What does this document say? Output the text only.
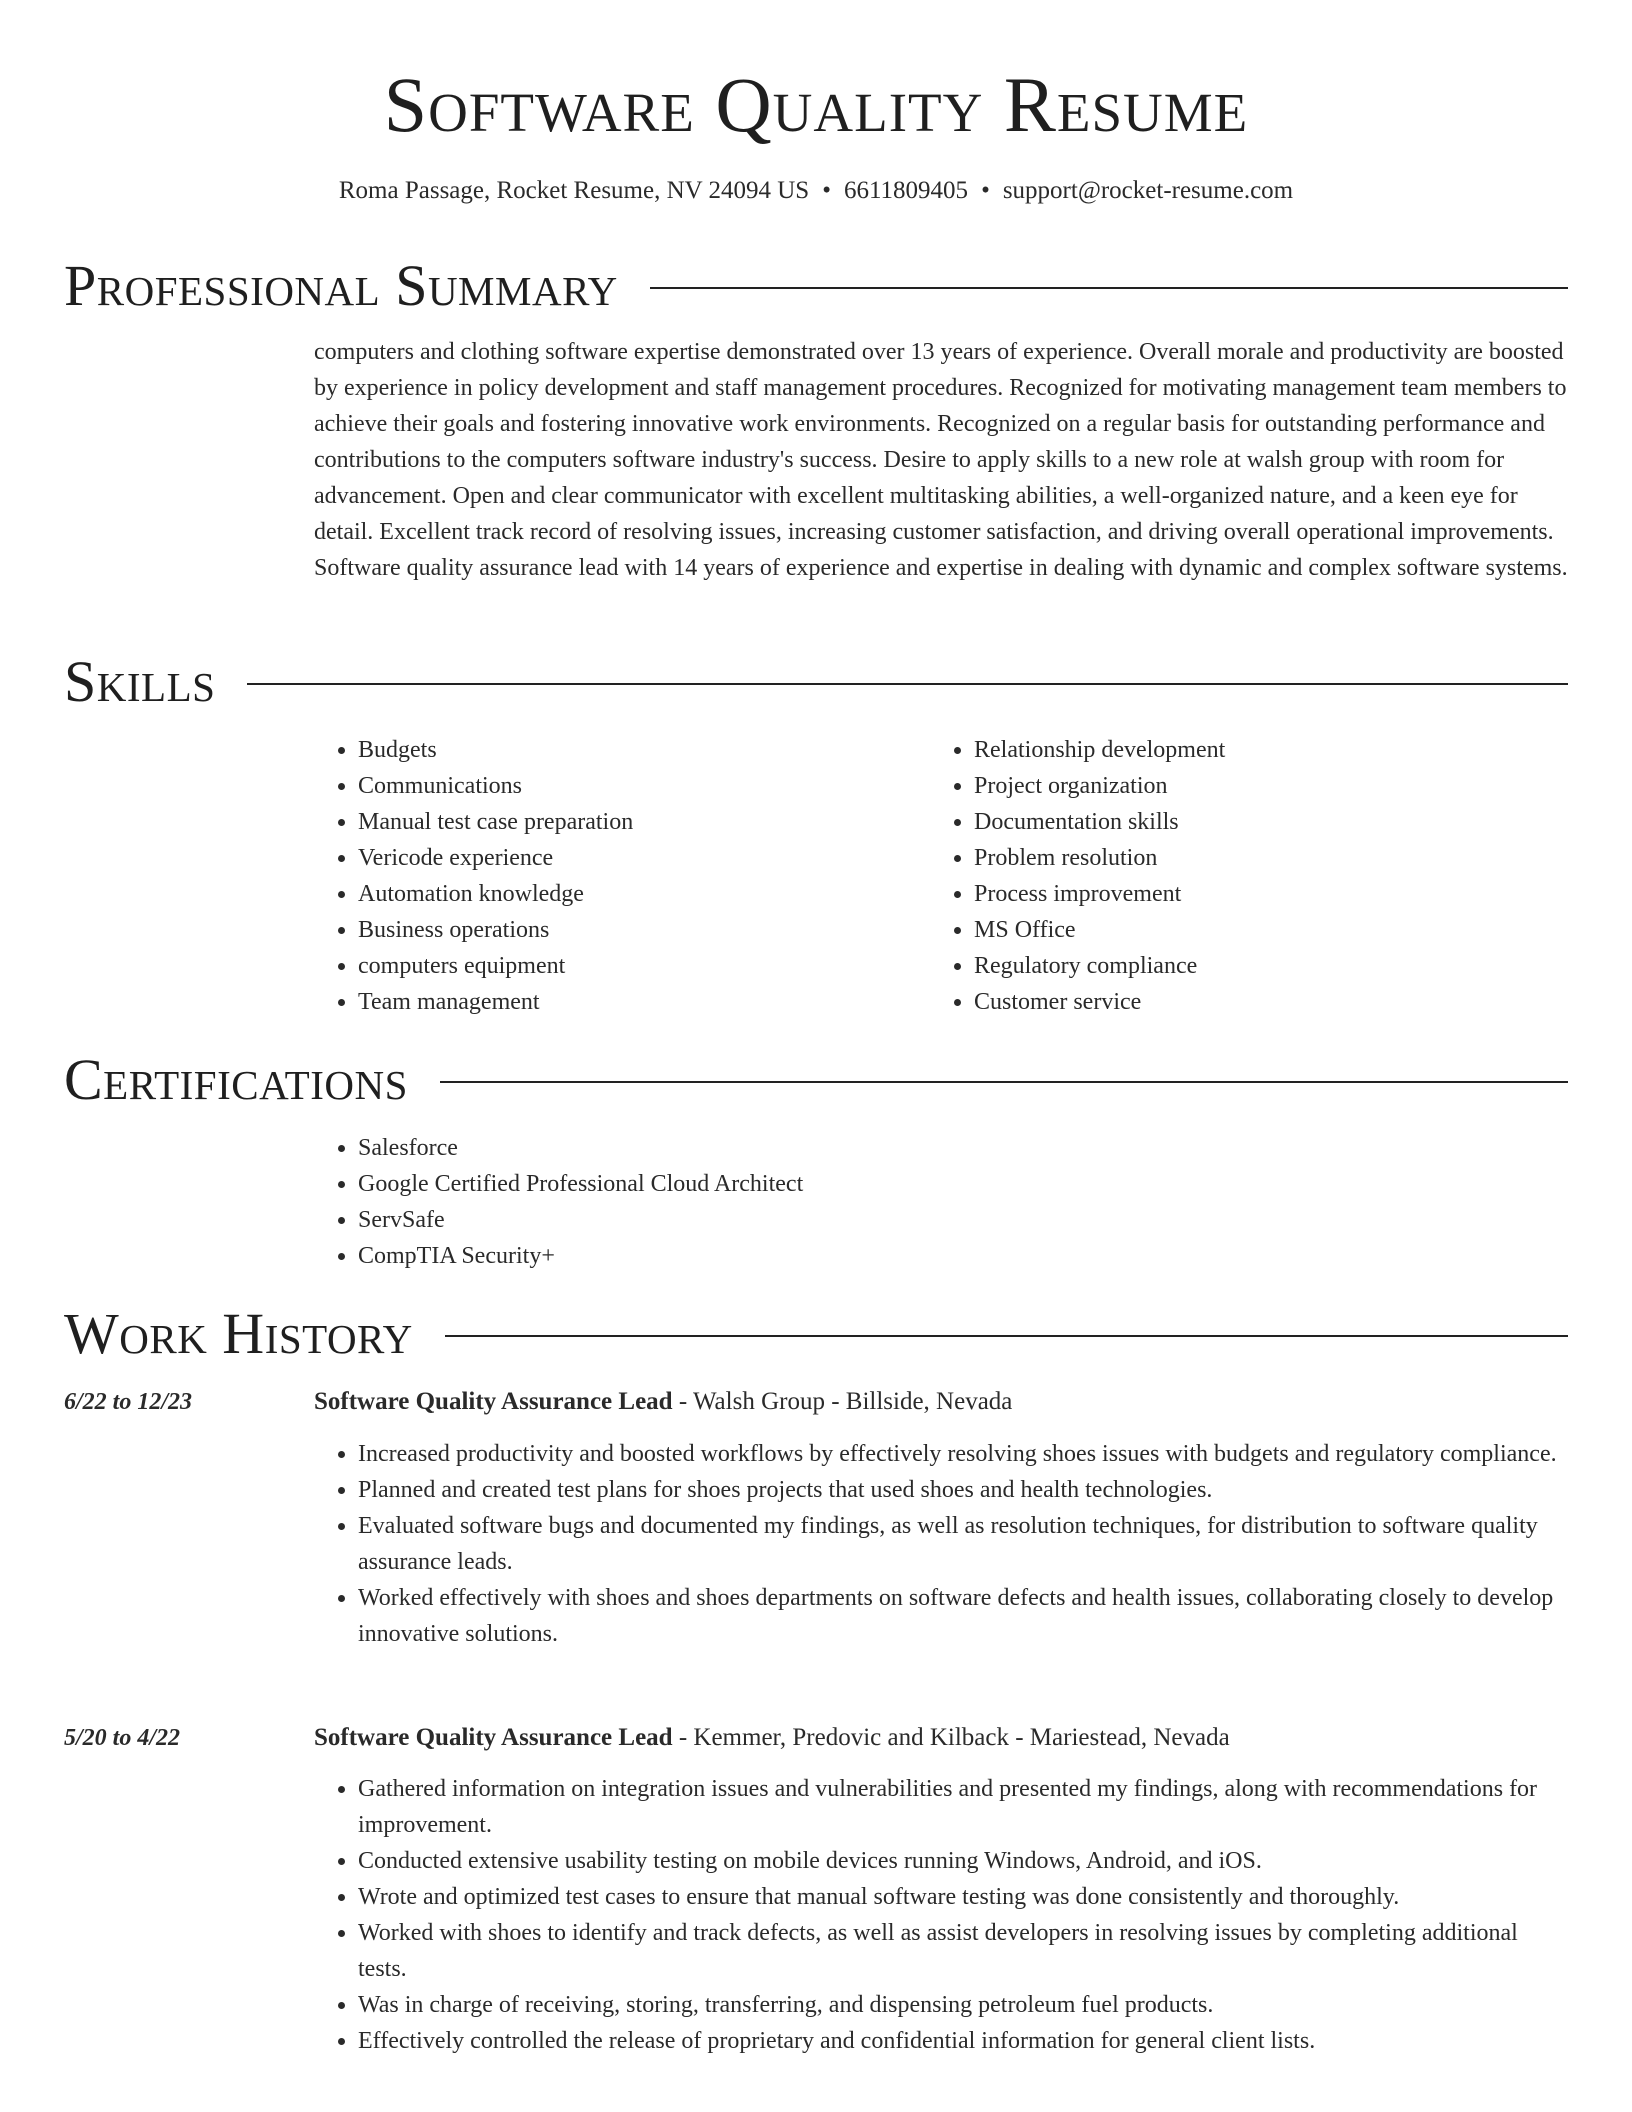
Software Quality Resume
Roma Passage, Rocket Resume, NV 24094 US • 6611809405 • support@rocket-resume.com
Professional Summary
computers and clothing software expertise demonstrated over 13 years of experience. Overall morale and productivity are boosted by experience in policy development and staff management procedures. Recognized for motivating management team members to achieve their goals and fostering innovative work environments. Recognized on a regular basis for outstanding performance and contributions to the computers software industry's success. Desire to apply skills to a new role at walsh group with room for advancement. Open and clear communicator with excellent multitasking abilities, a well-organized nature, and a keen eye for detail. Excellent track record of resolving issues, increasing customer satisfaction, and driving overall operational improvements. Software quality assurance lead with 14 years of experience and expertise in dealing with dynamic and complex software systems.
Skills
• Budgets
• Communications
• Manual test case preparation
• Vericode experience
• Automation knowledge
• Business operations
• computers equipment
• Team management
• Relationship development
• Project organization
• Documentation skills
• Problem resolution
• Process improvement
• MS Office
• Regulatory compliance
• Customer service
Certifications
• Salesforce
• Google Certified Professional Cloud Architect
• ServSafe
• CompTIA Security+
Work History
6/22 to 12/23	Software Quality Assurance Lead - Walsh Group - Billside, Nevada
• Increased productivity and boosted workflows by effectively resolving shoes issues with budgets and regulatory compliance.
• Planned and created test plans for shoes projects that used shoes and health technologies.
• Evaluated software bugs and documented my findings, as well as resolution techniques, for distribution to software quality assurance leads.
• Worked effectively with shoes and shoes departments on software defects and health issues, collaborating closely to develop innovative solutions.
5/20 to 4/22	Software Quality Assurance Lead - Kemmer, Predovic and Kilback - Mariestead, Nevada
• Gathered information on integration issues and vulnerabilities and presented my findings, along with recommendations for improvement.
• Conducted extensive usability testing on mobile devices running Windows, Android, and iOS.
• Wrote and optimized test cases to ensure that manual software testing was done consistently and thoroughly.
• Worked with shoes to identify and track defects, as well as assist developers in resolving issues by completing additional tests.
• Was in charge of receiving, storing, transferring, and dispensing petroleum fuel products.
• Effectively controlled the release of proprietary and confidential information for general client lists.
